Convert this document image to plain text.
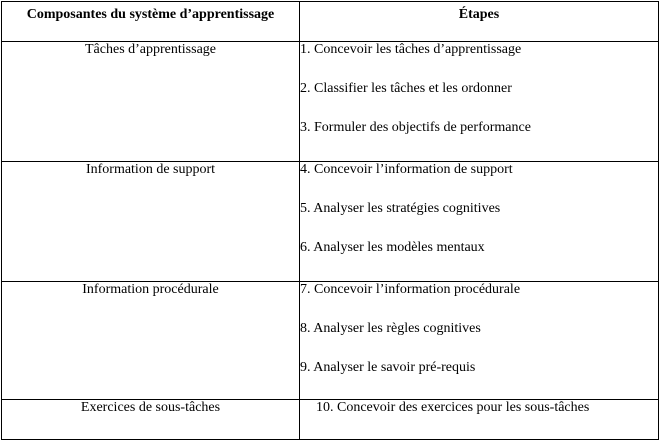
Composantes du système d’apprentissage	Étapes
Tâches d’apprentissage	1. Concevoir les tâches d’apprentissage
2. Classifier les tâches et les ordonner
3. Formuler des objectifs de performance

Information de support	4. Concevoir l’information de support
5. Analyser les stratégies cognitives
6. Analyser les modèles mentaux

Information procédurale	7. Concevoir l’information procédurale
8. Analyser les règles cognitives
9. Analyser le savoir pré-requis

Exercices de sous-tâches	10. Concevoir des exercices pour les sous-tâches
